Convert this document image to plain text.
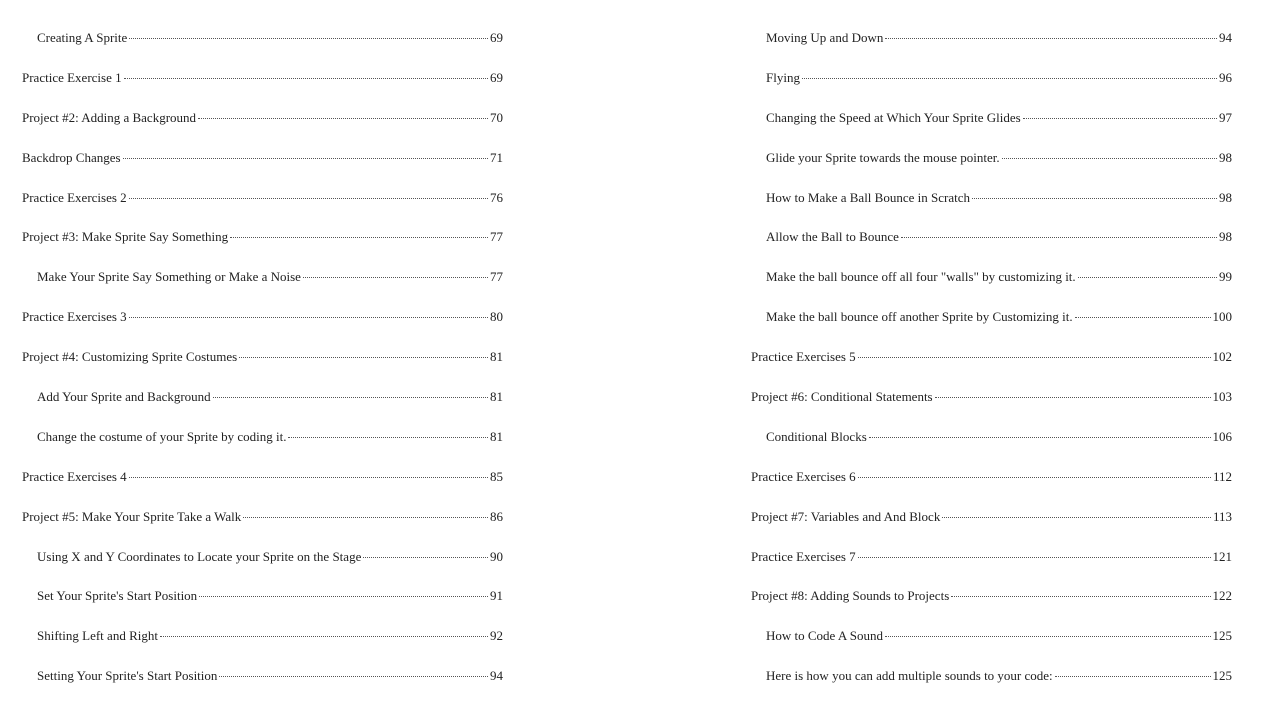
Creating A Sprite	69
Practice Exercise 1	69
Project #2: Adding a Background	70
Backdrop Changes	71
Practice Exercises 2	76
Project #3: Make Sprite Say Something	77
Make Your Sprite Say Something or Make a Noise	77
Practice Exercises 3	80
Project #4: Customizing Sprite Costumes	81
Add Your Sprite and Background	81
Change the costume of your Sprite by coding it.	81
Practice Exercises 4	85
Project #5: Make Your Sprite Take a Walk	86
Using X and Y Coordinates to Locate your Sprite on the Stage	90
Set Your Sprite's Start Position	91
Shifting Left and Right	92
Setting Your Sprite's Start Position	94
Moving Up and Down	94
Flying	96
Changing the Speed at Which Your Sprite Glides	97
Glide your Sprite towards the mouse pointer.	98
How to Make a Ball Bounce in Scratch	98
Allow the Ball to Bounce	98
Make the ball bounce off all four "walls" by customizing it.	99
Make the ball bounce off another Sprite by Customizing it.	100
Practice Exercises 5	102
Project #6: Conditional Statements	103
Conditional Blocks	106
Practice Exercises 6	112
Project #7: Variables and And Block	113
Practice Exercises 7	121
Project #8: Adding Sounds to Projects	122
How to Code A Sound	125
Here is how you can add multiple sounds to your code:	125
